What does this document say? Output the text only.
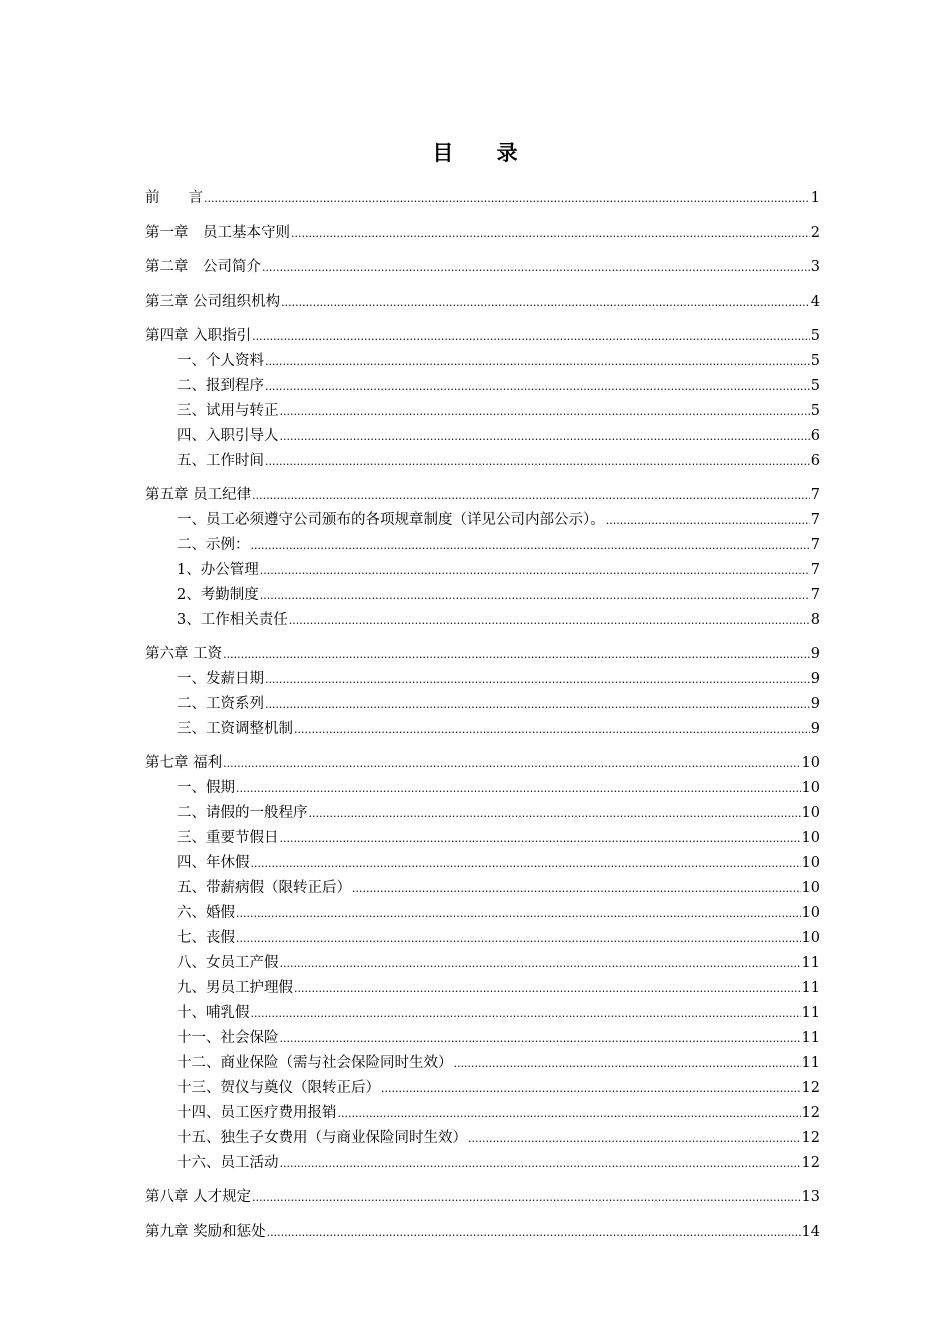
目 录
前　　言 .....	1
第一章　员工基本守则 .....	2
第二章　公司简介 .....	3
第三章 公司组织机构 .....	4
第四章 入职指引 .....	5
一、个人资料 .....	5
二、报到程序 .....	5
三、试用与转正 .....	5
四、入职引导人 .....	6
五、工作时间 .....	6
第五章 员工纪律 .....	7
一、员工必须遵守公司颁布的各项规章制度（详见公司内部公示）。 .....	7
二、示例： .....	7
1、办公管理 .....	7
2、考勤制度 .....	7
3、工作相关责任 .....	8
第六章 工资 .....	9
一、发薪日期 .....	9
二、工资系列 .....	9
三、工资调整机制 .....	9
第七章 福利 .....	10
一、假期 .....	10
二、请假的一般程序 .....	10
三、重要节假日 .....	10
四、年休假 .....	10
五、带薪病假（限转正后） .....	10
六、婚假 .....	10
七、丧假 .....	10
八、女员工产假 .....	11
九、男员工护理假 .....	11
十、哺乳假 .....	11
十一、社会保险 .....	11
十二、商业保险（需与社会保险同时生效） .....	11
十三、贺仪与奠仪（限转正后） .....	12
十四、员工医疗费用报销 .....	12
十五、独生子女费用（与商业保险同时生效） .....	12
十六、员工活动 .....	12
第八章 人才规定 .....	13
第九章 奖励和惩处 .....	14
